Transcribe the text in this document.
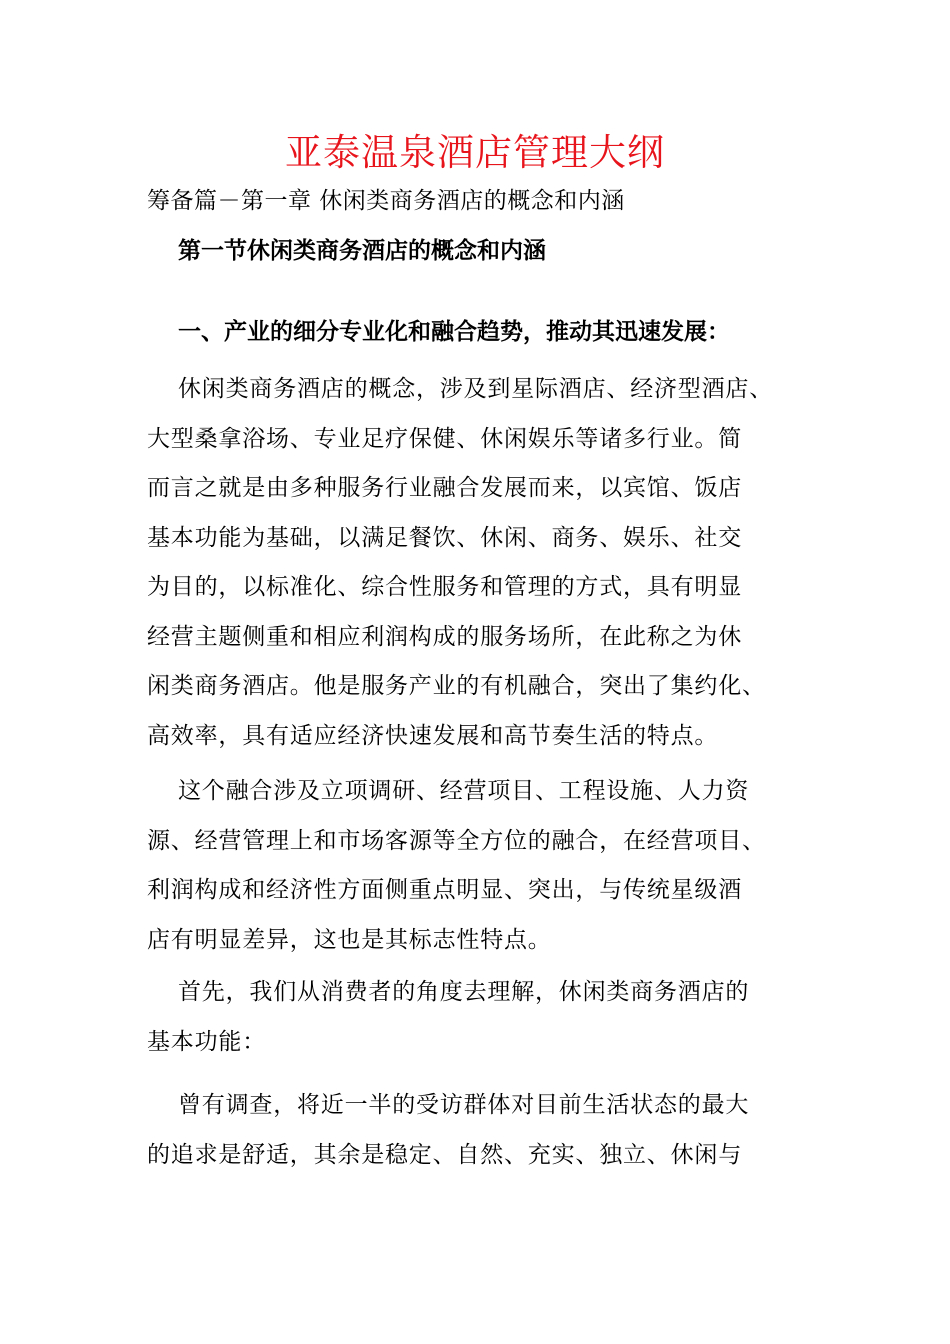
亚泰温泉酒店管理大纲
筹备篇－第一章 休闲类商务酒店的概念和内涵
第一节休闲类商务酒店的概念和内涵
一、产业的细分专业化和融合趋势，推动其迅速发展：
休闲类商务酒店的概念，涉及到星际酒店、经济型酒店、
大型桑拿浴场、专业足疗保健、休闲娱乐等诸多行业。简
而言之就是由多种服务行业融合发展而来，以宾馆、饭店
基本功能为基础，以满足餐饮、休闲、商务、娱乐、社交
为目的，以标准化、综合性服务和管理的方式，具有明显
经营主题侧重和相应利润构成的服务场所，在此称之为休
闲类商务酒店。他是服务产业的有机融合，突出了集约化、
高效率，具有适应经济快速发展和高节奏生活的特点。
这个融合涉及立项调研、经营项目、工程设施、人力资
源、经营管理上和市场客源等全方位的融合，在经营项目、
利润构成和经济性方面侧重点明显、突出，与传统星级酒
店有明显差异，这也是其标志性特点。
首先，我们从消费者的角度去理解，休闲类商务酒店的
基本功能：
曾有调查，将近一半的受访群体对目前生活状态的最大
的追求是舒适，其余是稳定、自然、充实、独立、休闲与
